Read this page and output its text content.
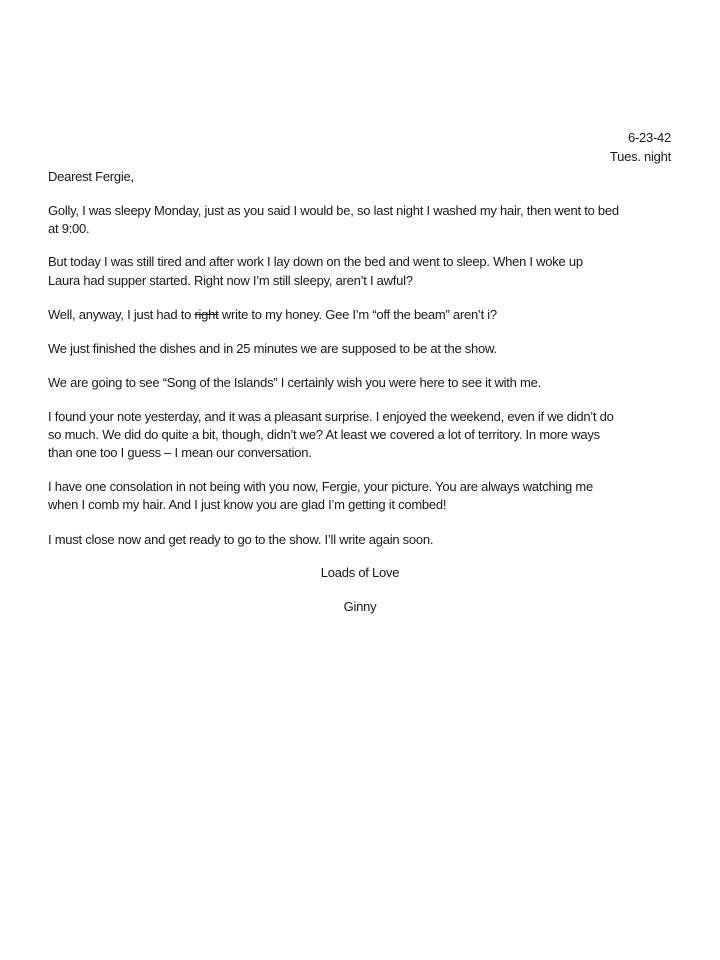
6-23-42
Tues. night
Dearest Fergie,
Golly, I was sleepy Monday, just as you said I would be, so last night I washed my hair, then went to bed
at 9:00.
But today I was still tired and after work I lay down on the bed and went to sleep. When I woke up
Laura had supper started. Right now I’m still sleepy, aren’t I awful?
Well, anyway, I just had to right write to my honey. Gee I’m “off the beam” aren’t i?
We just finished the dishes and in 25 minutes we are supposed to be at the show.
We are going to see “Song of the Islands” I certainly wish you were here to see it with me.
I found your note yesterday, and it was a pleasant surprise. I enjoyed the weekend, even if we didn’t do
so much. We did do quite a bit, though, didn’t we? At least we covered a lot of territory. In more ways
than one too I guess – I mean our conversation.
I have one consolation in not being with you now, Fergie, your picture. You are always watching me
when I comb my hair. And I just know you are glad I’m getting it combed!
I must close now and get ready to go to the show. I’ll write again soon.
Loads of Love
Ginny
